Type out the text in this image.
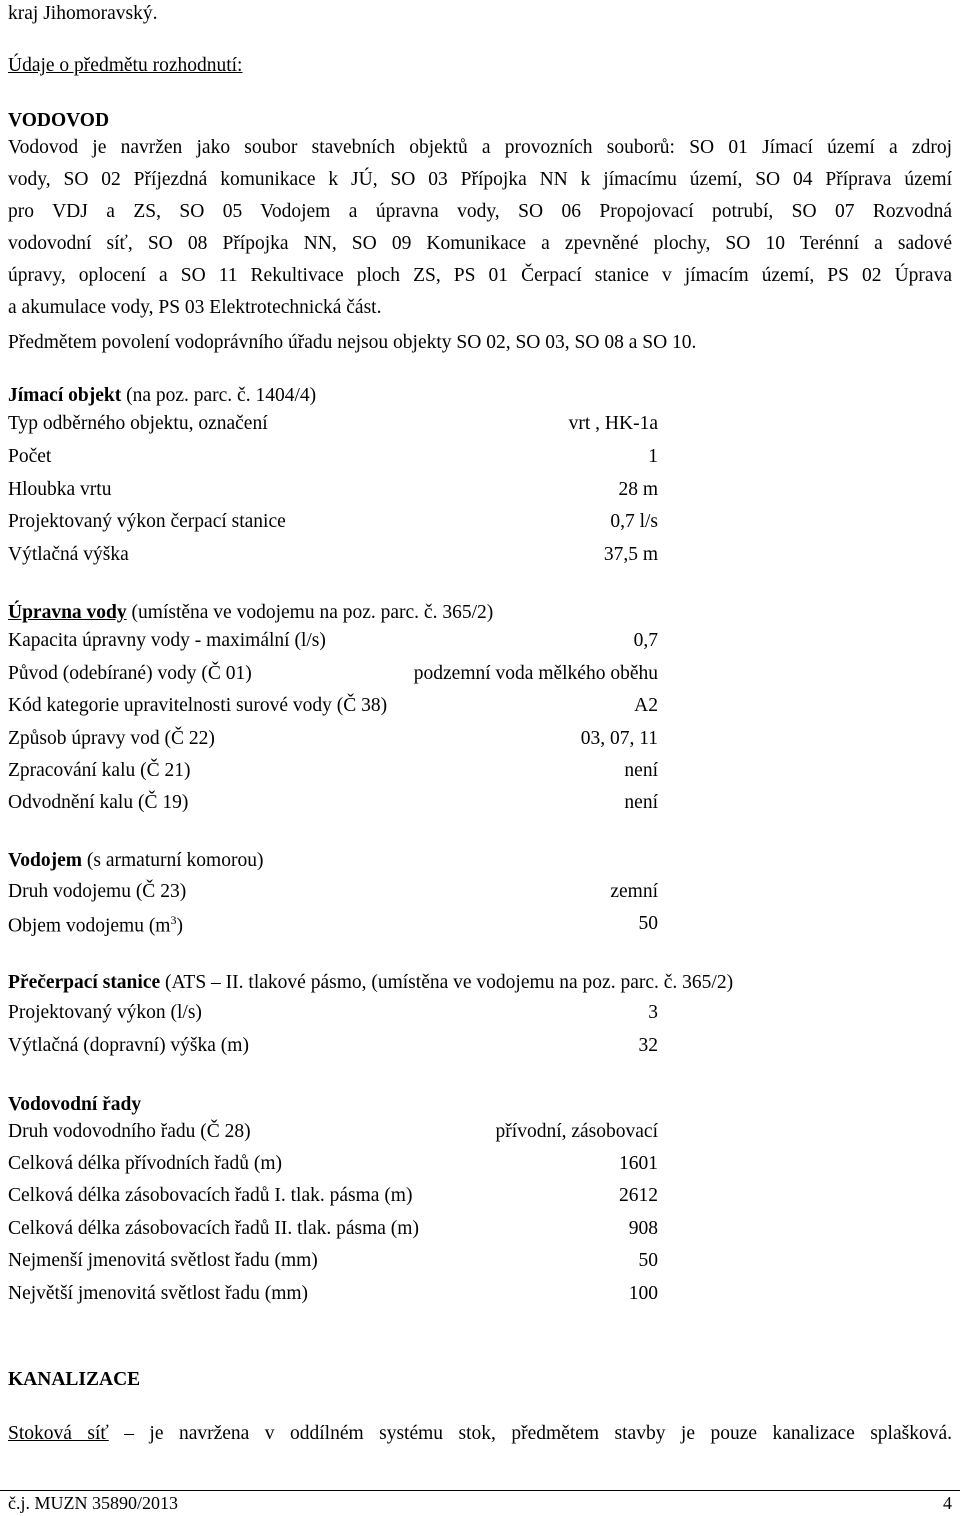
kraj Jihomoravský.
Údaje o předmětu rozhodnutí:
VODOVOD
Vodovod je navržen jako soubor stavebních objektů a provozních souborů: SO 01 Jímací území a zdroj
vody, SO 02 Příjezdná komunikace k JÚ, SO 03 Přípojka NN k jímacímu území, SO 04 Příprava území
pro VDJ a ZS, SO 05 Vodojem a úpravna vody, SO 06 Propojovací potrubí, SO 07 Rozvodná
vodovodní síť, SO 08 Přípojka NN, SO 09 Komunikace a zpevněné plochy, SO 10 Terénní a sadové
úpravy, oplocení a SO 11 Rekultivace ploch ZS, PS 01 Čerpací stanice v jímacím území, PS 02 Úprava
a akumulace vody, PS 03 Elektrotechnická část.
Předmětem povolení vodoprávního úřadu nejsou objekty SO 02, SO 03, SO 08 a SO 10.
Jímací objekt (na poz. parc. č. 1404/4)
Typ odběrného objektu, označení	vrt , HK-1a
Počet	1
Hloubka vrtu	28 m
Projektovaný výkon čerpací stanice	0,7 l/s
Výtlačná výška	37,5 m
Úpravna vody (umístěna ve vodojemu na poz. parc. č. 365/2)
Kapacita úpravny vody - maximální (l/s)	0,7
Původ (odebírané) vody (Č 01)	podzemní voda mělkého oběhu
Kód kategorie upravitelnosti surové vody (Č 38)	A2
Způsob úpravy vod (Č 22)	03, 07, 11
Zpracování kalu (Č 21)	není
Odvodnění kalu (Č 19)	není
Vodojem (s armaturní komorou)
Druh vodojemu (Č 23)	zemní
Objem vodojemu $(m^3)$	50
Přečerpací stanice (ATS – II. tlakové pásmo, (umístěna ve vodojemu na poz. parc. č. 365/2)
Projektovaný výkon (l/s)	3
Výtlačná (dopravní) výška (m)	32
Vodovodní řady
Druh vodovodního řadu (Č 28)	přívodní, zásobovací
Celková délka přívodních řadů (m)	1601
Celková délka zásobovacích řadů I. tlak. pásma (m)	2612
Celková délka zásobovacích řadů II. tlak. pásma (m)	908
Nejmenší jmenovitá světlost řadu (mm)	50
Největší jmenovitá světlost řadu (mm)	100
KANALIZACE
Stoková síť – je navržena v oddílném systému stok, předmětem stavby je pouze kanalizace splašková.
č.j. MUZN 35890/2013	4
